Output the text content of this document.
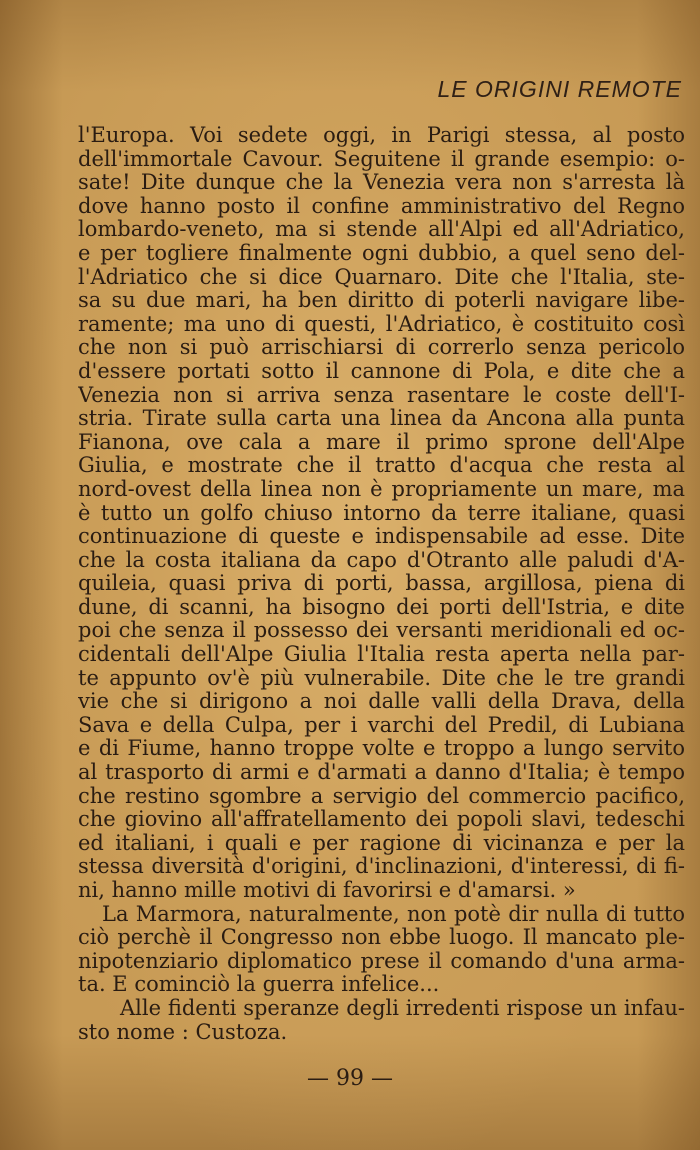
LE ORIGINI REMOTE
l'Europa. Voi sedete oggi, in Parigi stessa, al posto
dell'immortale Cavour. Seguitene il grande esempio: o-
sate! Dite dunque che la Venezia vera non s'arresta là
dove hanno posto il confine amministrativo del Regno
lombardo-veneto, ma si stende all'Alpi ed all'Adriatico,
e per togliere finalmente ogni dubbio, a quel seno del-
l'Adriatico che si dice Quarnaro. Dite che l'Italia, ste-
sa su due mari, ha ben diritto di poterli navigare libe-
ramente; ma uno di questi, l'Adriatico, è costituito così
che non si può arrischiarsi di correrlo senza pericolo
d'essere portati sotto il cannone di Pola, e dite che a
Venezia non si arriva senza rasentare le coste dell'I-
stria. Tirate sulla carta una linea da Ancona alla punta
Fianona, ove cala a mare il primo sprone dell'Alpe
Giulia, e mostrate che il tratto d'acqua che resta al
nord-ovest della linea non è propriamente un mare, ma
è tutto un golfo chiuso intorno da terre italiane, quasi
continuazione di queste e indispensabile ad esse. Dite
che la costa italiana da capo d'Otranto alle paludi d'A-
quileia, quasi priva di porti, bassa, argillosa, piena di
dune, di scanni, ha bisogno dei porti dell'Istria, e dite
poi che senza il possesso dei versanti meridionali ed oc-
cidentali dell'Alpe Giulia l'Italia resta aperta nella par-
te appunto ov'è più vulnerabile. Dite che le tre grandi
vie che si dirigono a noi dalle valli della Drava, della
Sava e della Culpa, per i varchi del Predil, di Lubiana
e di Fiume, hanno troppe volte e troppo a lungo servito
al trasporto di armi e d'armati a danno d'Italia; è tempo
che restino sgombre a servigio del commercio pacifico,
che giovino all'affratellamento dei popoli slavi, tedeschi
ed italiani, i quali e per ragione di vicinanza e per la
stessa diversità d'origini, d'inclinazioni, d'interessi, di fi-
ni, hanno mille motivi di favorirsi e d'amarsi. »
La Marmora, naturalmente, non potè dir nulla di tutto
ciò perchè il Congresso non ebbe luogo. Il mancato ple-
nipotenziario diplomatico prese il comando d'una arma-
ta. E cominciò la guerra infelice...
Alle fidenti speranze degli irredenti rispose un infau-
sto nome : Custoza.
— 99 —
